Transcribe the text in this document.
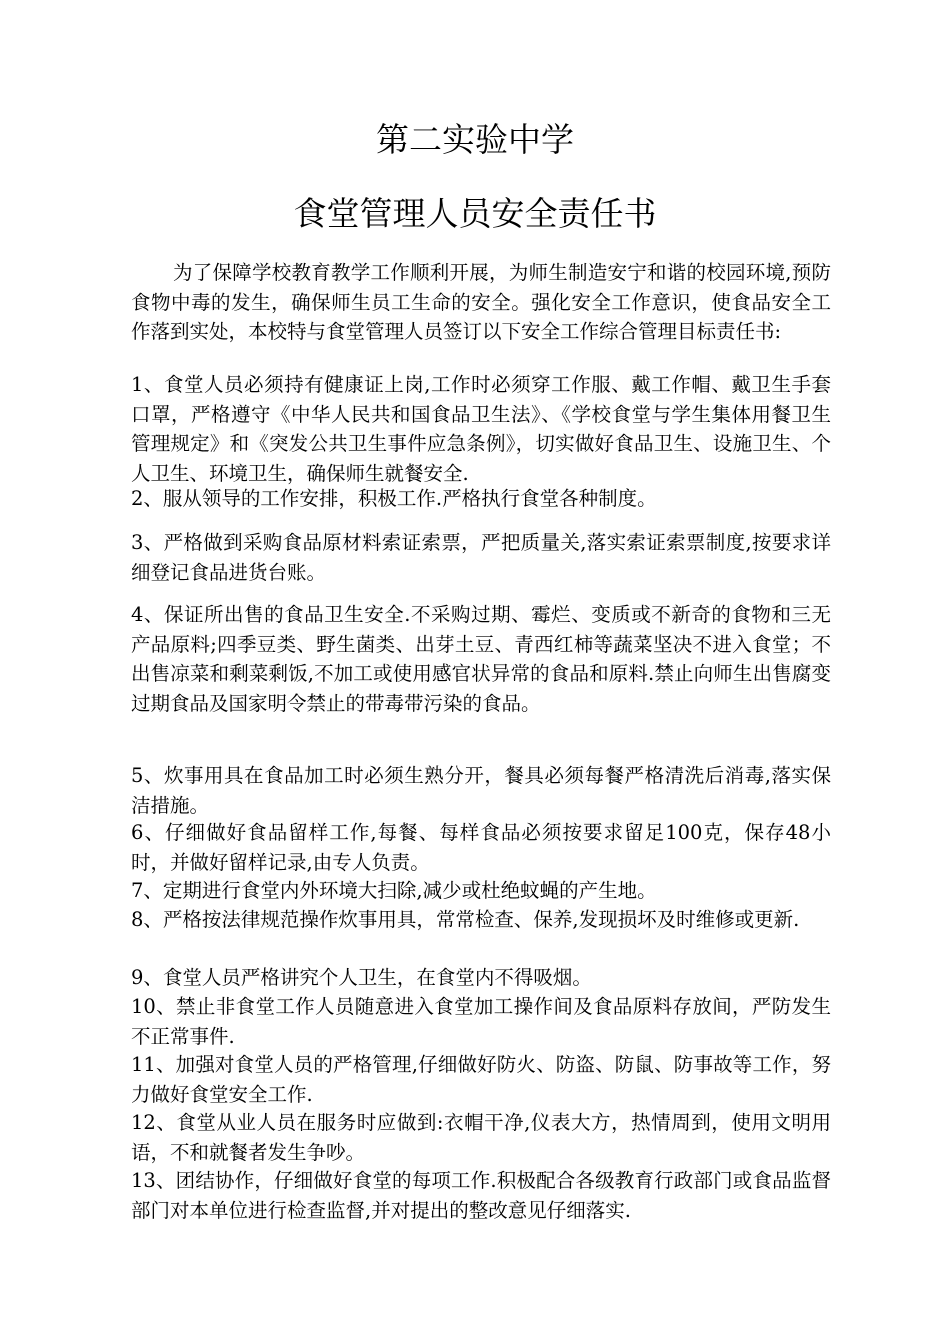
第二实验中学
食堂管理人员安全责任书

为了保障学校教育教学工作顺利开展，为师生制造安宁和谐的校园环境,预防食物中毒的发生，确保师生员工生命的安全。强化安全工作意识，使食品安全工作落到实处，本校特与食堂管理人员签订以下安全工作综合管理目标责任书:

1、食堂人员必须持有健康证上岗,工作时必须穿工作服、戴工作帽、戴卫生手套口罩，严格遵守《中华人民共和国食品卫生法》、《学校食堂与学生集体用餐卫生管理规定》和《突发公共卫生事件应急条例》，切实做好食品卫生、设施卫生、个人卫生、环境卫生，确保师生就餐安全.

2、服从领导的工作安排，积极工作.严格执行食堂各种制度。

3、严格做到采购食品原材料索证索票，严把质量关,落实索证索票制度,按要求详细登记食品进货台账。

4、保证所出售的食品卫生安全.不采购过期、霉烂、变质或不新奇的食物和三无产品原料;四季豆类、野生菌类、出芽土豆、青西红柿等蔬菜坚决不进入食堂；不出售凉菜和剩菜剩饭,不加工或使用感官状异常的食品和原料.禁止向师生出售腐变过期食品及国家明令禁止的带毒带污染的食品。

5、炊事用具在食品加工时必须生熟分开，餐具必须每餐严格清洗后消毒,落实保洁措施。

6、仔细做好食品留样工作,每餐、每样食品必须按要求留足100克，保存48小时，并做好留样记录,由专人负责。

7、定期进行食堂内外环境大扫除,减少或杜绝蚊蝇的产生地。

8、严格按法律规范操作炊事用具，常常检查、保养,发现损坏及时维修或更新.

9、食堂人员严格讲究个人卫生，在食堂内不得吸烟。

10、禁止非食堂工作人员随意进入食堂加工操作间及食品原料存放间，严防发生不正常事件.

11、加强对食堂人员的严格管理,仔细做好防火、防盗、防鼠、防事故等工作，努力做好食堂安全工作.

12、食堂从业人员在服务时应做到:衣帽干净,仪表大方，热情周到，使用文明用语，不和就餐者发生争吵。

13、团结协作，仔细做好食堂的每项工作.积极配合各级教育行政部门或食品监督部门对本单位进行检查监督,并对提出的整改意见仔细落实.
